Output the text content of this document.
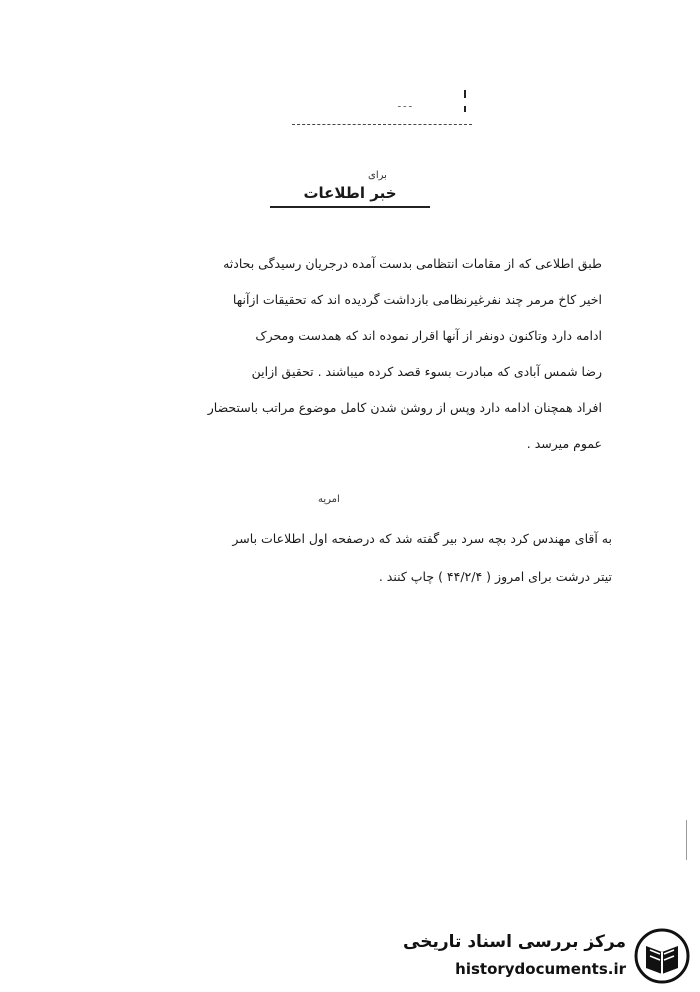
ـ ـ ـ
برای
خبر اطلاعات
طبق اطلاعی که از مقامات انتظامی بدست آمده درجریان رسیدگی بحادثه
اخیر کاخ مرمر چند نفرغیرنظامی بازداشت گردیده اند که تحقیقات ازآنها
ادامه دارد وتاکنون دونفر از آنها اقرار نموده اند که همدست ومحرک
رضا شمس آبادی که مبادرت بسوء قصد کرده میباشند . تحقیق ازاین
افراد همچنان ادامه دارد وپس از روشن شدن کامل موضوع مراتب باستحضار
عموم میرسد .
امریه
به آقای مهندس کرد بچه سرد بیر گفته شد که درصفحه اول اطلاعات باسر
تیتر درشت برای امروز ( ۴۴/۲/۴ ) چاپ کنند .
مرکز بررسی اسناد تاریخی
historydocuments.ir
